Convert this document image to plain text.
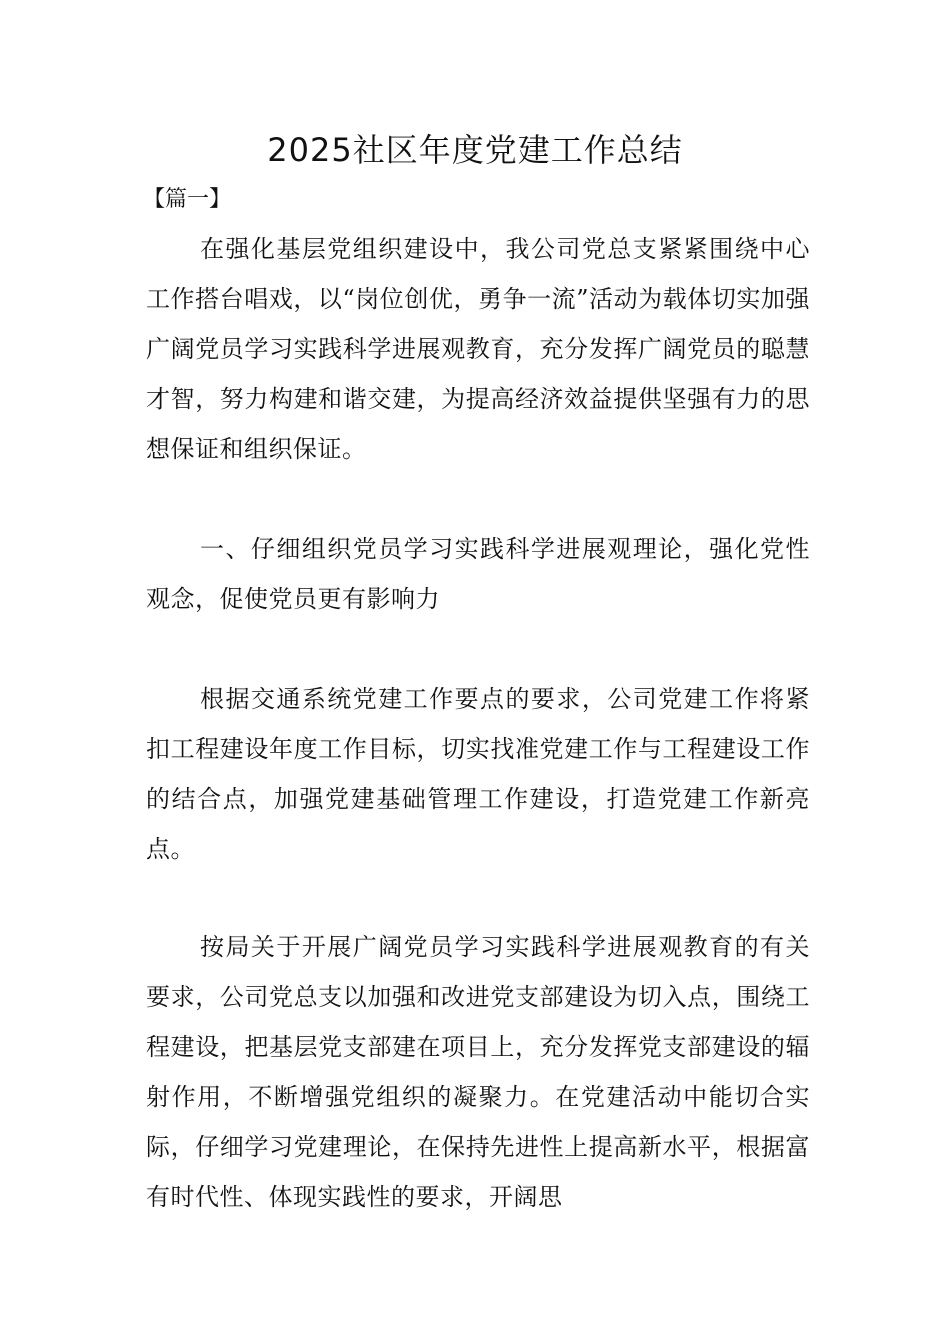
2025社区年度党建工作总结

【篇一】

在强化基层党组织建设中，我公司党总支紧紧围绕中心工作搭台唱戏，以“岗位创优，勇争一流”活动为载体切实加强广阔党员学习实践科学进展观教育，充分发挥广阔党员的聪慧才智，努力构建和谐交建，为提高经济效益提供坚强有力的思想保证和组织保证。

一、仔细组织党员学习实践科学进展观理论，强化党性观念，促使党员更有影响力

根据交通系统党建工作要点的要求，公司党建工作将紧扣工程建设年度工作目标，切实找准党建工作与工程建设工作的结合点，加强党建基础管理工作建设，打造党建工作新亮点。

按局关于开展广阔党员学习实践科学进展观教育的有关要求，公司党总支以加强和改进党支部建设为切入点，围绕工程建设，把基层党支部建在项目上，充分发挥党支部建设的辐射作用，不断增强党组织的凝聚力。在党建活动中能切合实际，仔细学习党建理论，在保持先进性上提高新水平，根据富有时代性、体现实践性的要求，开阔思
